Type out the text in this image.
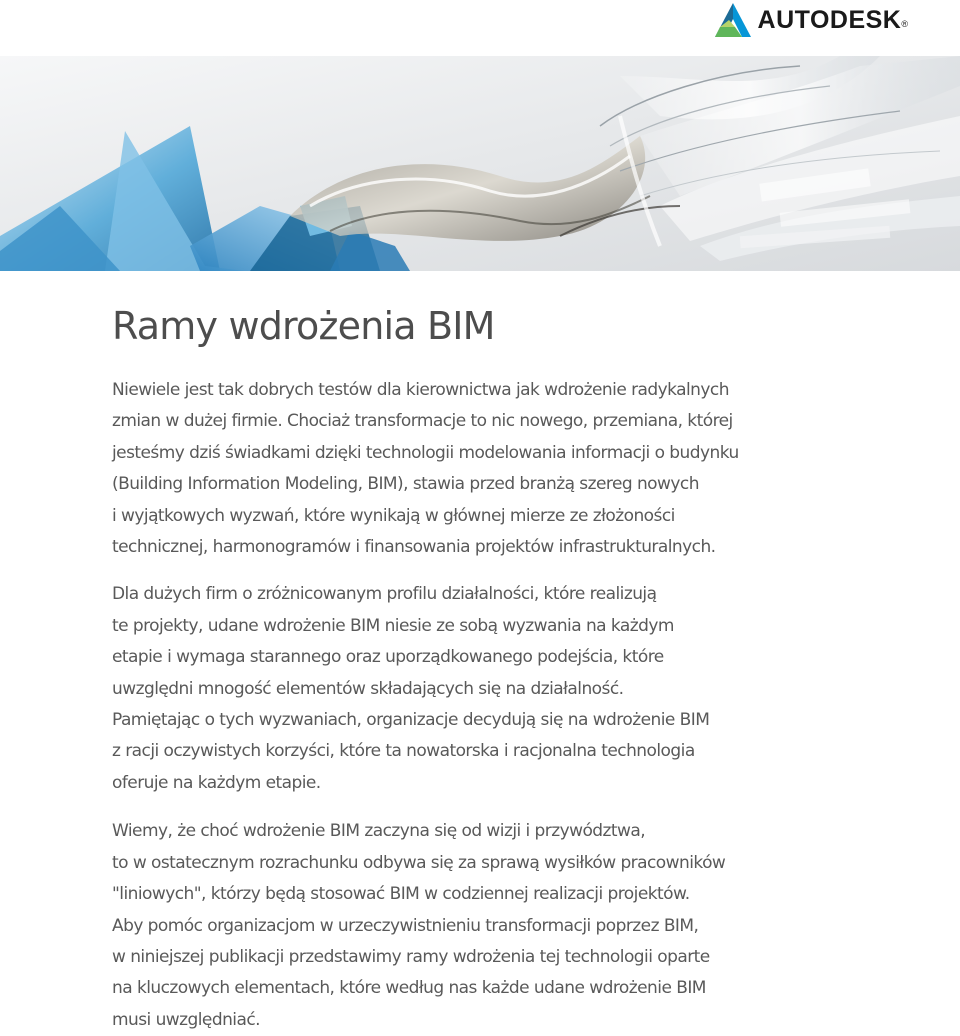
AUTODESK ®
Ramy wdrożenia BIM

Niewiele jest tak dobrych testów dla kierownictwa jak wdrożenie radykalnych
zmian w dużej firmie. Chociaż transformacje to nic nowego, przemiana, której
jesteśmy dziś świadkami dzięki technologii modelowania informacji o budynku
(Building Information Modeling, BIM), stawia przed branżą szereg nowych
i wyjątkowych wyzwań, które wynikają w głównej mierze ze złożoności
technicznej, harmonogramów i finansowania projektów infrastrukturalnych.

Dla dużych firm o zróżnicowanym profilu działalności, które realizują
te projekty, udane wdrożenie BIM niesie ze sobą wyzwania na każdym
etapie i wymaga starannego oraz uporządkowanego podejścia, które
uwzględni mnogość elementów składających się na działalność.
Pamiętając o tych wyzwaniach, organizacje decydują się na wdrożenie BIM
z racji oczywistych korzyści, które ta nowatorska i racjonalna technologia
oferuje na każdym etapie.

Wiemy, że choć wdrożenie BIM zaczyna się od wizji i przywództwa,
to w ostatecznym rozrachunku odbywa się za sprawą wysiłków pracowników
"liniowych", którzy będą stosować BIM w codziennej realizacji projektów.
Aby pomóc organizacjom w urzeczywistnieniu transformacji poprzez BIM,
w niniejszej publikacji przedstawimy ramy wdrożenia tej technologii oparte
na kluczowych elementach, które według nas każde udane wdrożenie BIM
musi uwzględniać.
